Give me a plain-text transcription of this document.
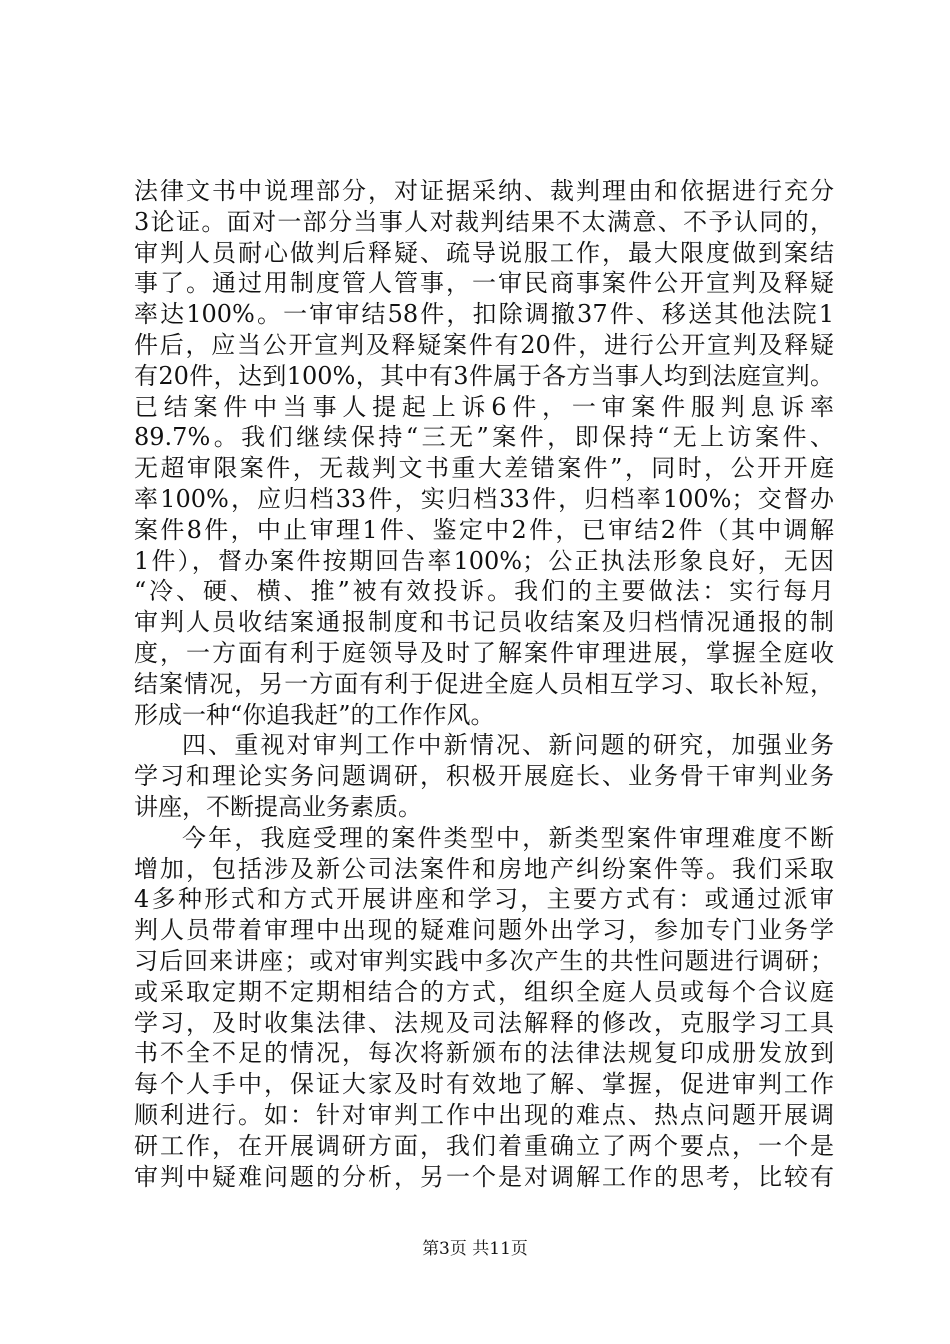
法律文书中说理部分，对证据采纳、裁判理由和依据进行充分
3论证。面对一部分当事人对裁判结果不太满意、不予认同的，
审判人员耐心做判后释疑、疏导说服工作，最大限度做到案结
事了。通过用制度管人管事，一审民商事案件公开宣判及释疑
率达100%。一审审结58件，扣除调撤37件、移送其他法院1
件后，应当公开宣判及释疑案件有20件，进行公开宣判及释疑
有20件，达到100%，其中有3件属于各方当事人均到法庭宣判。
已结案件中当事人提起上诉6件，一审案件服判息诉率
89.7%。我们继续保持“三无”案件，即保持“无上访案件、
无超审限案件，无裁判文书重大差错案件”，同时，公开开庭
率100%，应归档33件，实归档33件，归档率100%；交督办
案件8件，中止审理1件、鉴定中2件，已审结2件（其中调解
1件），督办案件按期回告率100%；公正执法形象良好，无因
“冷、硬、横、推”被有效投诉。我们的主要做法：实行每月
审判人员收结案通报制度和书记员收结案及归档情况通报的制
度，一方面有利于庭领导及时了解案件审理进展，掌握全庭收
结案情况，另一方面有利于促进全庭人员相互学习、取长补短，
形成一种“你追我赶”的工作作风。
四、重视对审判工作中新情况、新问题的研究，加强业务
学习和理论实务问题调研，积极开展庭长、业务骨干审判业务
讲座，不断提高业务素质。
今年，我庭受理的案件类型中，新类型案件审理难度不断
增加，包括涉及新公司法案件和房地产纠纷案件等。我们采取
4多种形式和方式开展讲座和学习，主要方式有：或通过派审
判人员带着审理中出现的疑难问题外出学习，参加专门业务学
习后回来讲座；或对审判实践中多次产生的共性问题进行调研；
或采取定期不定期相结合的方式，组织全庭人员或每个合议庭
学习，及时收集法律、法规及司法解释的修改，克服学习工具
书不全不足的情况，每次将新颁布的法律法规复印成册发放到
每个人手中，保证大家及时有效地了解、掌握，促进审判工作
顺利进行。如：针对审判工作中出现的难点、热点问题开展调
研工作，在开展调研方面，我们着重确立了两个要点，一个是
审判中疑难问题的分析，另一个是对调解工作的思考，比较有
第3页 共11页
